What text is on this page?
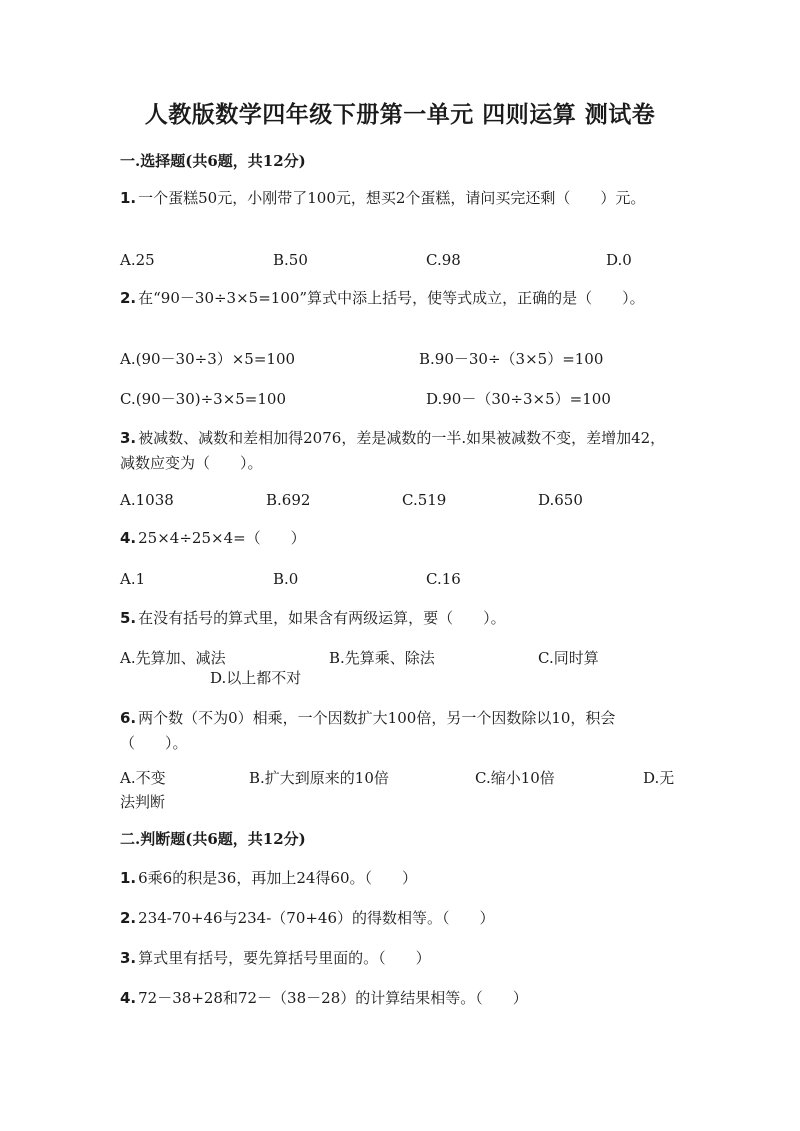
人教版数学四年级下册第一单元 四则运算 测试卷
一.选择题(共6题，共12分)
1. 一个蛋糕50元，小刚带了100元，想买2个蛋糕，请问买完还剩（　　）元。
A.25	B.50	C.98	D.0
2. 在“90－30÷3×5=100”算式中添上括号，使等式成立，正确的是（　　）。
A.(90－30÷3）×5=100	B.90－30÷（3×5）=100
C.(90－30)÷3×5=100	D.90－（30÷3×5）=100
3. 被减数、减数和差相加得2076，差是减数的一半.如果被减数不变，差增加42，减数应变为（　　）。
A.1038	B.692	C.519	D.650
4. 25×4÷25×4=（　　）
A.1	B.0	C.16
5. 在没有括号的算式里，如果含有两级运算，要（　　）。
A.先算加、减法	B.先算乘、除法	C.同时算
D.以上都不对
6. 两个数（不为0）相乘，一个因数扩大100倍，另一个因数除以10，积会（　　）。
A.不变	B.扩大到原来的10倍	C.缩小10倍	D.无法判断
二.判断题(共6题，共12分)
1. 6乘6的积是36，再加上24得60。（　　）
2. 234-70+46与234-（70+46）的得数相等。（　　）
3. 算式里有括号，要先算括号里面的。（　　）
4. 72－38+28和72－（38－28）的计算结果相等。（　　）
